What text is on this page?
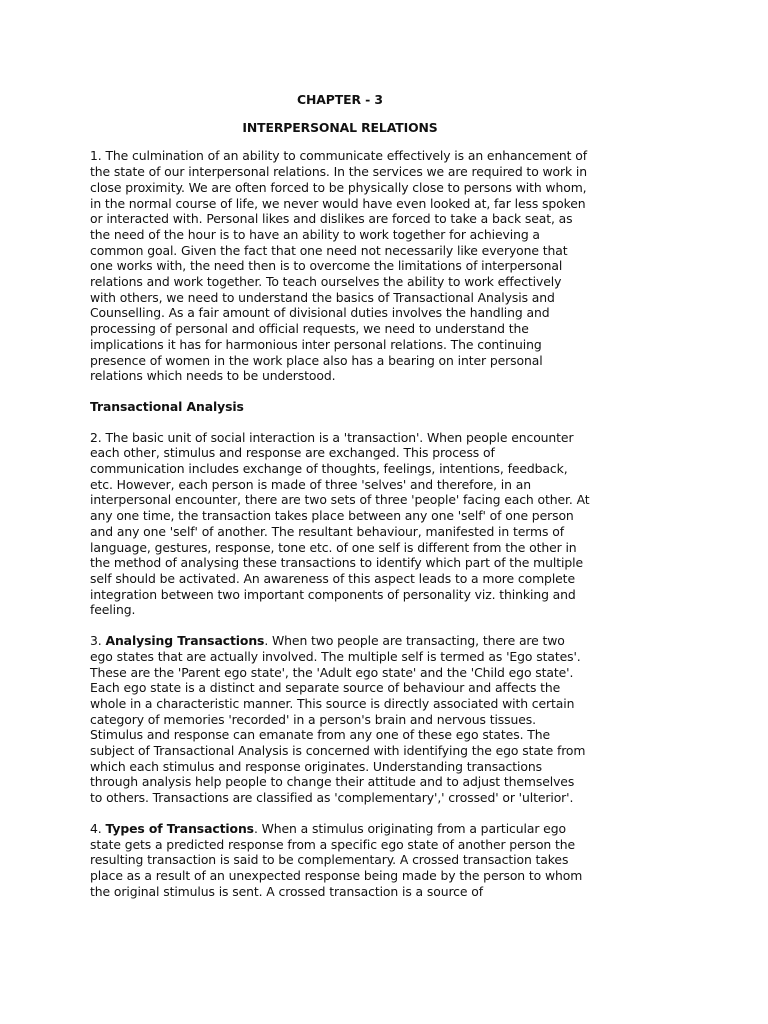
CHAPTER - 3
INTERPERSONAL RELATIONS

1. The culmination of an ability to communicate effectively is an enhancement of the state of our interpersonal relations. In the services we are required to work in close proximity. We are often forced to be physically close to persons with whom, in the normal course of life, we never would have even looked at, far less spoken or interacted with. Personal likes and dislikes are forced to take a back seat, as the need of the hour is to have an ability to work together for achieving a common goal. Given the fact that one need not necessarily like everyone that one works with, the need then is to overcome the limitations of interpersonal relations and work together. To teach ourselves the ability to work effectively with others, we need to understand the basics of Transactional Analysis and Counselling. As a fair amount of divisional duties involves the handling and processing of personal and official requests, we need to understand the implications it has for harmonious inter personal relations. The continuing presence of women in the work place also has a bearing on inter personal relations which needs to be understood.

Transactional Analysis

2. The basic unit of social interaction is a 'transaction'. When people encounter each other, stimulus and response are exchanged. This process of communication includes exchange of thoughts, feelings, intentions, feedback, etc. However, each person is made of three 'selves' and therefore, in an interpersonal encounter, there are two sets of three 'people' facing each other. At any one time, the transaction takes place between any one 'self' of one person and any one 'self' of another. The resultant behaviour, manifested in terms of language, gestures, response, tone etc. of one self is different from the other in the method of analysing these transactions to identify which part of the multiple self should be activated. An awareness of this aspect leads to a more complete integration between two important components of personality viz. thinking and feeling.

3. Analysing Transactions. When two people are transacting, there are two ego states that are actually involved. The multiple self is termed as 'Ego states'. These are the 'Parent ego state', the 'Adult ego state' and the 'Child ego state'. Each ego state is a distinct and separate source of behaviour and affects the whole in a characteristic manner. This source is directly associated with certain category of memories 'recorded' in a person's brain and nervous tissues. Stimulus and response can emanate from any one of these ego states. The subject of Transactional Analysis is concerned with identifying the ego state from which each stimulus and response originates. Understanding transactions through analysis help people to change their attitude and to adjust themselves to others. Transactions are classified as 'complementary',' crossed' or 'ulterior'.

4. Types of Transactions. When a stimulus originating from a particular ego state gets a predicted response from a specific ego state of another person the resulting transaction is said to be complementary. A crossed transaction takes place as a result of an unexpected response being made by the person to whom the original stimulus is sent. A crossed transaction is a source of
